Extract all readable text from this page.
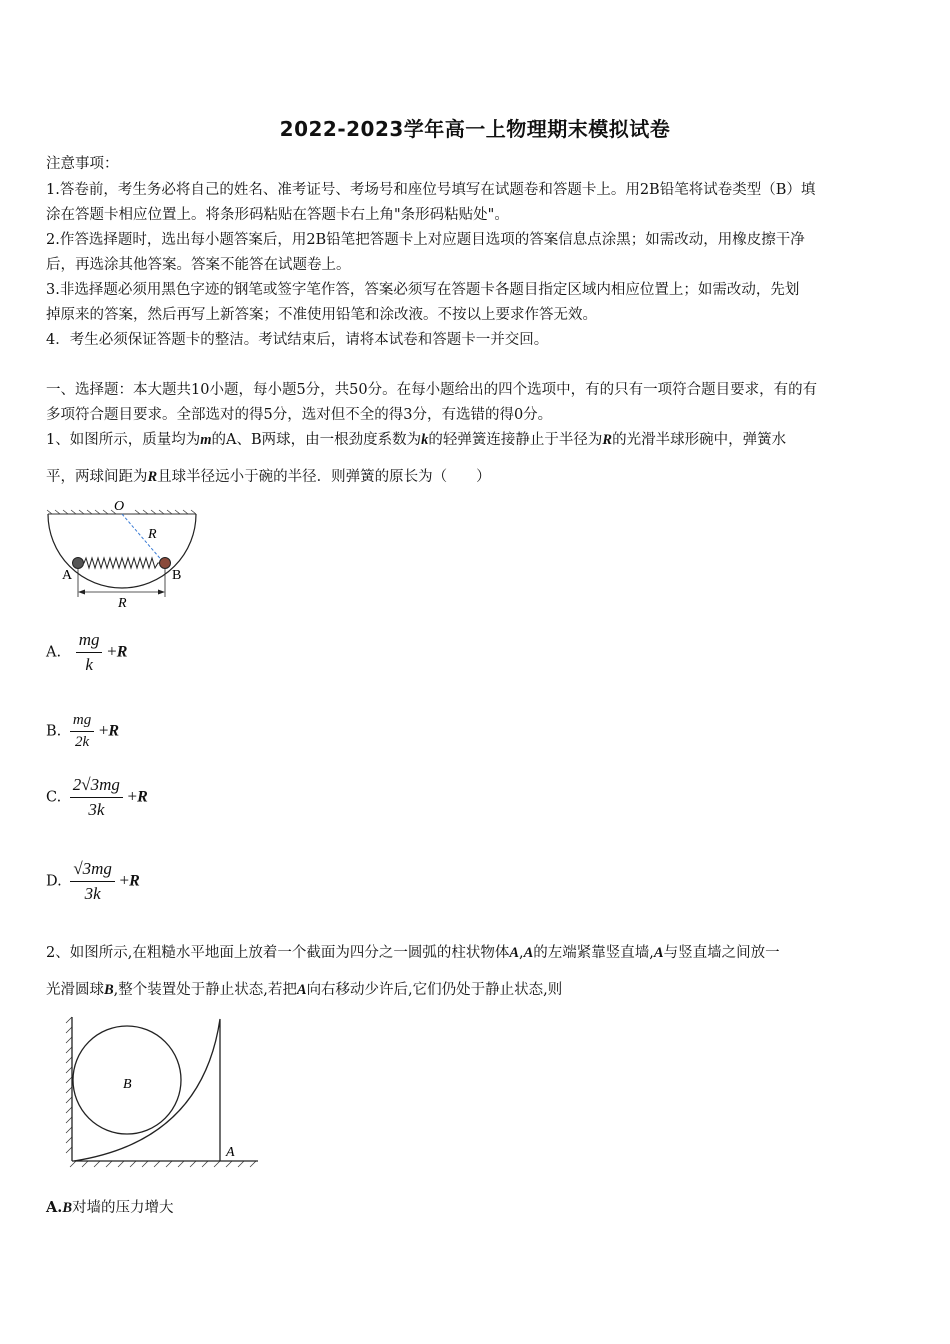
2022-2023学年高一上物理期末模拟试卷
注意事项：
1.答卷前，考生务必将自己的姓名、准考证号、考场号和座位号填写在试题卷和答题卡上。用2B铅笔将试卷类型（B）填
涂在答题卡相应位置上。将条形码粘贴在答题卡右上角"条形码粘贴处"。
2.作答选择题时，选出每小题答案后，用2B铅笔把答题卡上对应题目选项的答案信息点涂黑；如需改动，用橡皮擦干净
后，再选涂其他答案。答案不能答在试题卷上。
3.非选择题必须用黑色字迹的钢笔或签字笔作答，答案必须写在答题卡各题目指定区域内相应位置上；如需改动，先划
掉原来的答案，然后再写上新答案；不准使用铅笔和涂改液。不按以上要求作答无效。
4．考生必须保证答题卡的整洁。考试结束后，请将本试卷和答题卡一并交回。
一、选择题：本大题共10小题，每小题5分，共50分。在每小题给出的四个选项中，有的只有一项符合题目要求，有的有
多项符合题目要求。全部选对的得5分，选对但不全的得3分，有选错的得0分。
1、如图所示，质量均为m的A、B两球，由一根劲度系数为k的轻弹簧连接静止于半径为R的光滑半球形碗中，弹簧水
平，两球间距为R且球半径远小于碗的半径．则弹簧的原长为（　　）
O
R
A	B
R
A. $\frac{mg}{k} +R$
B. $\frac{mg}{2k} +R$
C. $\frac{2√3mg}{3k} +R$
D. $\frac{√3mg}{3k} +R$
2、如图所示,在粗糙水平地面上放着一个截面为四分之一圆弧的柱状物体A,A的左端紧靠竖直墙,A与竖直墙之间放一
光滑圆球B,整个装置处于静止状态,若把A向右移动少许后,它们仍处于静止状态,则
B
A
A.B对墙的压力增大
